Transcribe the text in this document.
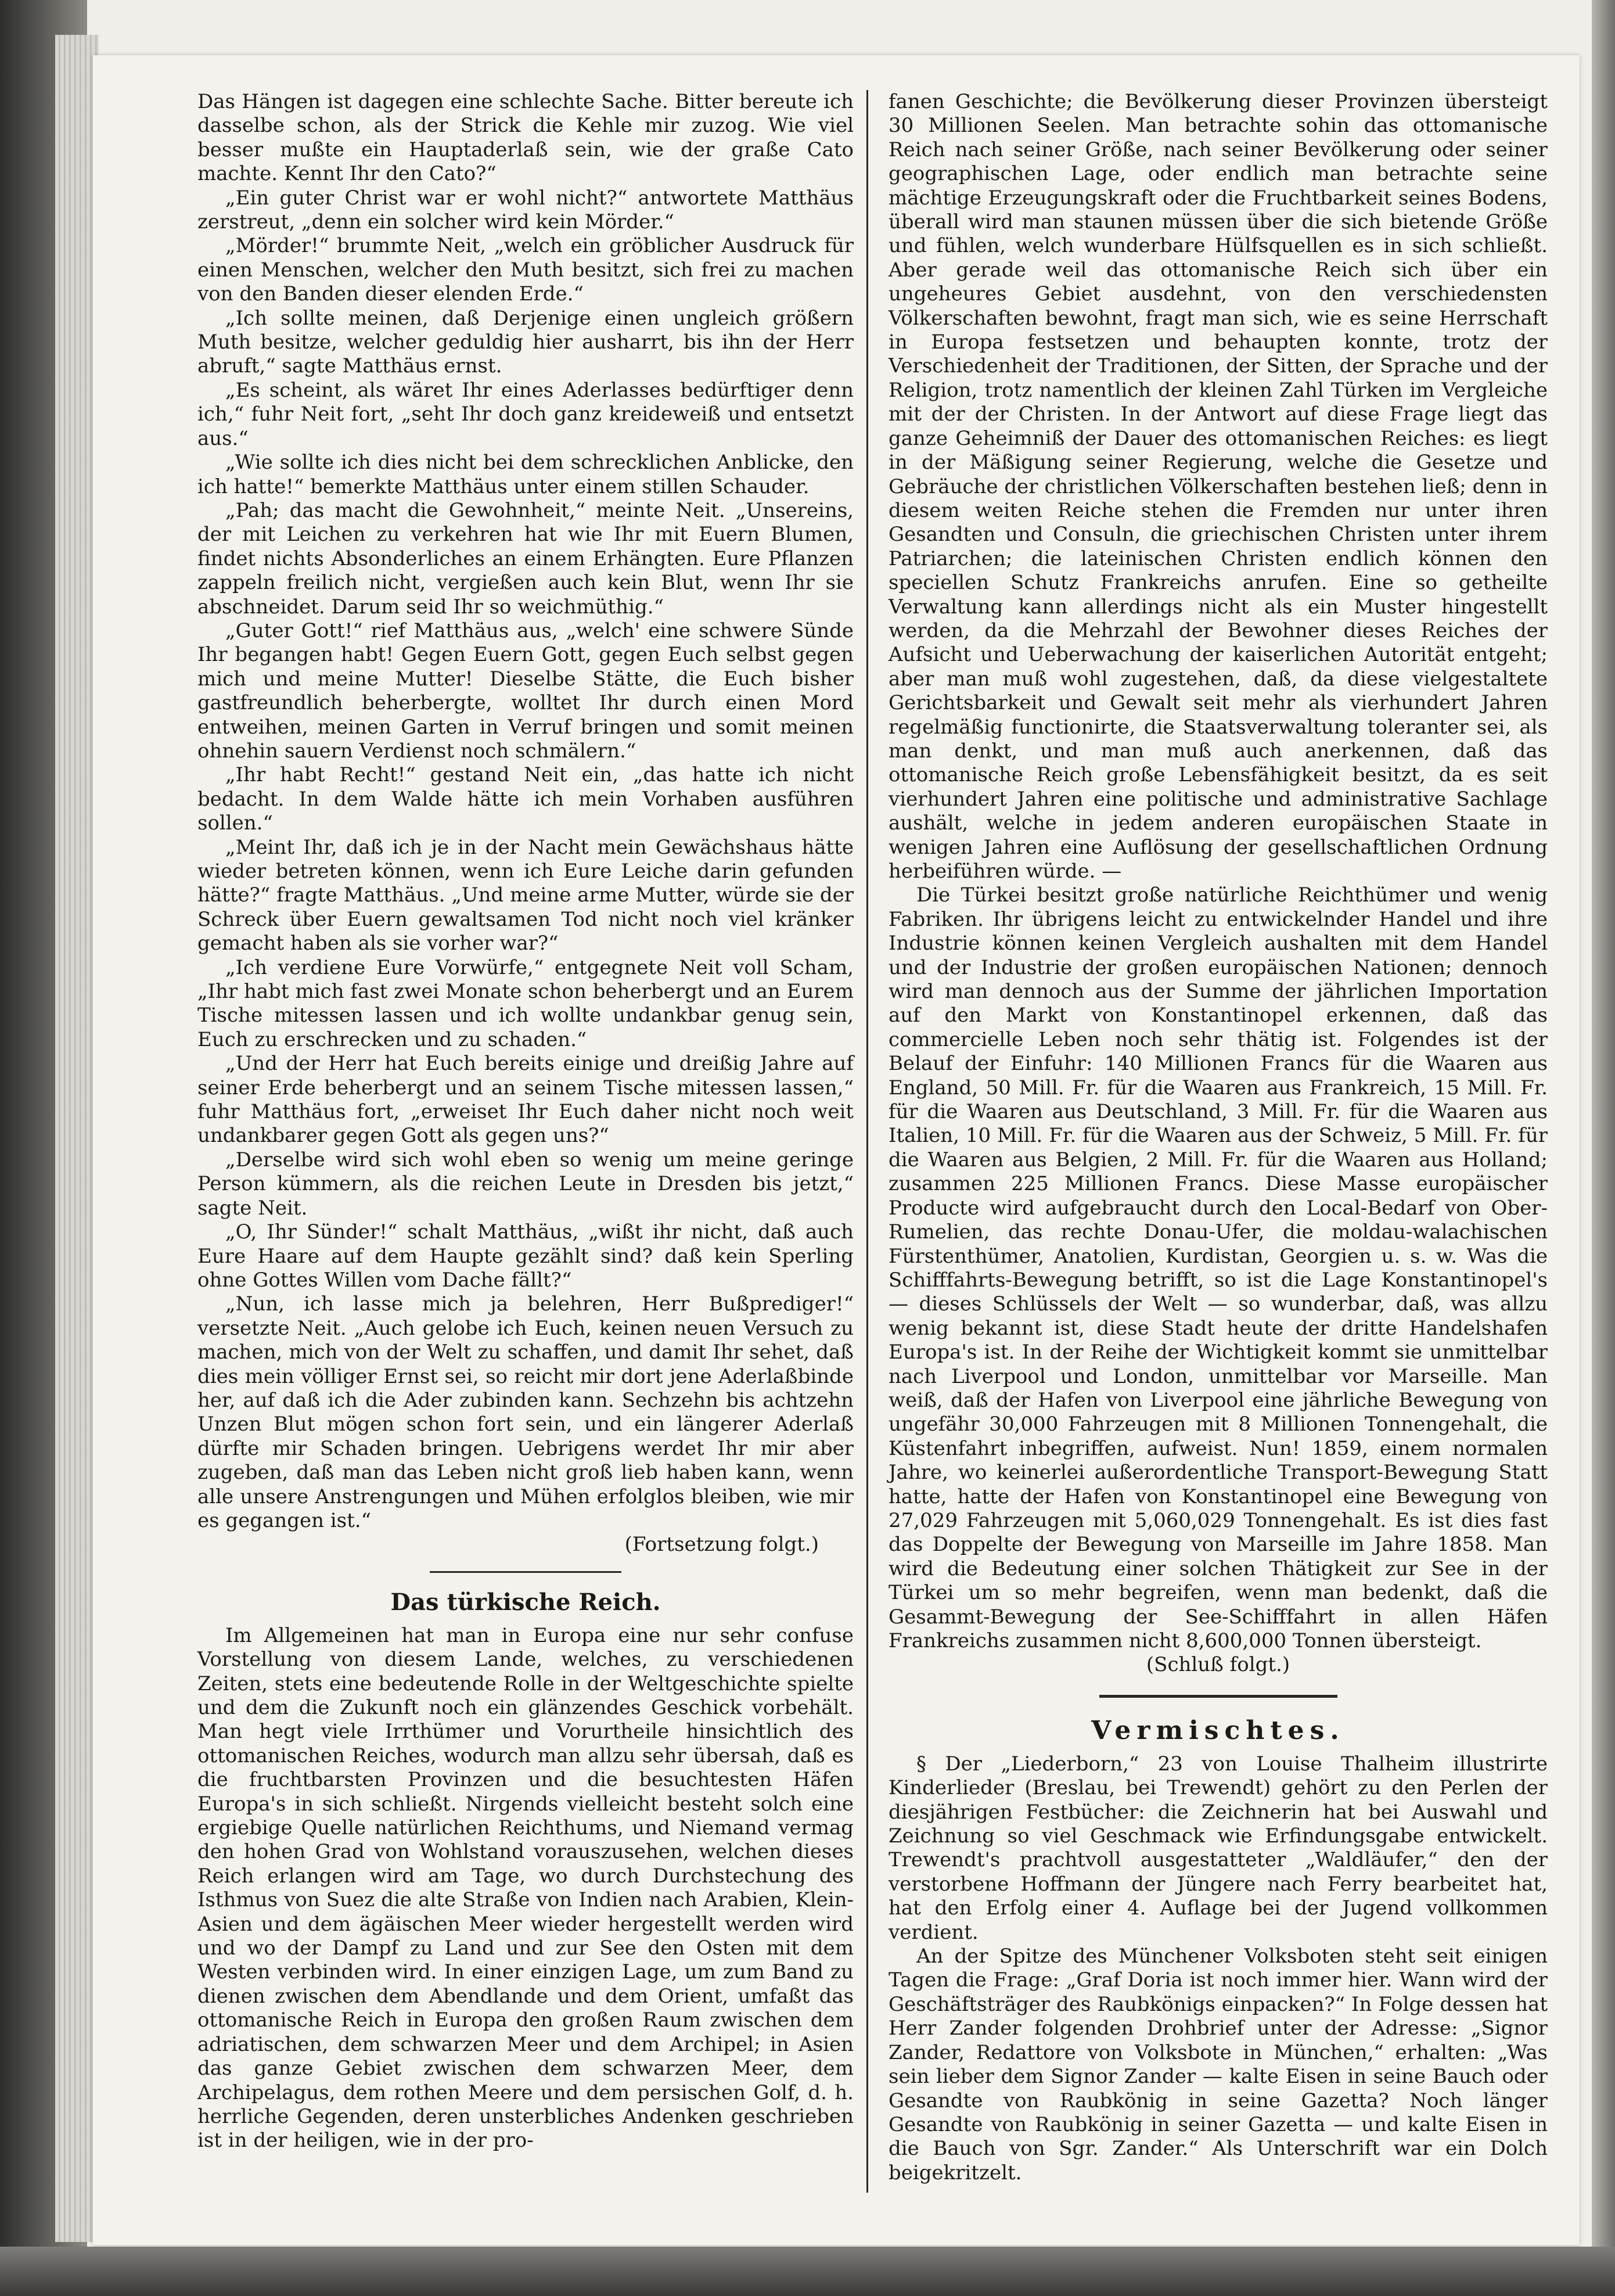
Das Hängen ist dagegen eine schlechte Sache. Bitter bereute ich dasselbe schon, als der Strick die Kehle mir zuzog. Wie viel besser mußte ein Hauptaderlaß sein, wie der graße Cato machte. Kennt Ihr den Cato?“

„Ein guter Christ war er wohl nicht?“ antwortete Matthäus zerstreut, „denn ein solcher wird kein Mörder.“

„Mörder!“ brummte Neit, „welch ein gröblicher Ausdruck für einen Menschen, welcher den Muth besitzt, sich frei zu machen von den Banden dieser elenden Erde.“

„Ich sollte meinen, daß Derjenige einen ungleich größern Muth besitze, welcher geduldig hier ausharrt, bis ihn der Herr abruft,“ sagte Matthäus ernst.

„Es scheint, als wäret Ihr eines Aderlasses bedürftiger denn ich,“ fuhr Neit fort, „seht Ihr doch ganz kreideweiß und entsetzt aus.“

„Wie sollte ich dies nicht bei dem schrecklichen Anblicke, den ich hatte!“ bemerkte Matthäus unter einem stillen Schauder.

„Pah; das macht die Gewohnheit,“ meinte Neit. „Unsereins, der mit Leichen zu verkehren hat wie Ihr mit Euern Blumen, findet nichts Absonderliches an einem Erhängten. Eure Pflanzen zappeln freilich nicht, vergießen auch kein Blut, wenn Ihr sie abschneidet. Darum seid Ihr so weichmüthig.“

„Guter Gott!“ rief Matthäus aus, „welch' eine schwere Sünde Ihr begangen habt! Gegen Euern Gott, gegen Euch selbst gegen mich und meine Mutter! Dieselbe Stätte, die Euch bisher gastfreundlich beherbergte, wolltet Ihr durch einen Mord entweihen, meinen Garten in Verruf bringen und somit meinen ohnehin sauern Verdienst noch schmälern.“

„Ihr habt Recht!“ gestand Neit ein, „das hatte ich nicht bedacht. In dem Walde hätte ich mein Vorhaben ausführen sollen.“

„Meint Ihr, daß ich je in der Nacht mein Gewächshaus hätte wieder betreten können, wenn ich Eure Leiche darin gefunden hätte?“ fragte Matthäus. „Und meine arme Mutter, würde sie der Schreck über Euern gewaltsamen Tod nicht noch viel kränker gemacht haben als sie vorher war?“

„Ich verdiene Eure Vorwürfe,“ entgegnete Neit voll Scham, „Ihr habt mich fast zwei Monate schon beherbergt und an Eurem Tische mitessen lassen und ich wollte undankbar genug sein, Euch zu erschrecken und zu schaden.“

„Und der Herr hat Euch bereits einige und dreißig Jahre auf seiner Erde beherbergt und an seinem Tische mitessen lassen,“ fuhr Matthäus fort, „erweiset Ihr Euch daher nicht noch weit undankbarer gegen Gott als gegen uns?“

„Derselbe wird sich wohl eben so wenig um meine geringe Person kümmern, als die reichen Leute in Dresden bis jetzt,“ sagte Neit.

„O, Ihr Sünder!“ schalt Matthäus, „wißt ihr nicht, daß auch Eure Haare auf dem Haupte gezählt sind? daß kein Sperling ohne Gottes Willen vom Dache fällt?“

„Nun, ich lasse mich ja belehren, Herr Bußprediger!“ versetzte Neit. „Auch gelobe ich Euch, keinen neuen Versuch zu machen, mich von der Welt zu schaffen, und damit Ihr sehet, daß dies mein völliger Ernst sei, so reicht mir dort jene Aderlaßbinde her, auf daß ich die Ader zubinden kann. Sechzehn bis achtzehn Unzen Blut mögen schon fort sein, und ein längerer Aderlaß dürfte mir Schaden bringen. Uebrigens werdet Ihr mir aber zugeben, daß man das Leben nicht groß lieb haben kann, wenn alle unsere Anstrengungen und Mühen erfolglos bleiben, wie mir es gegangen ist.“

(Fortsetzung folgt.)

Das türkische Reich.

Im Allgemeinen hat man in Europa eine nur sehr confuse Vorstellung von diesem Lande, welches, zu verschiedenen Zeiten, stets eine bedeutende Rolle in der Weltgeschichte spielte und dem die Zukunft noch ein glänzendes Geschick vorbehält. Man hegt viele Irrthümer und Vorurtheile hinsichtlich des ottomanischen Reiches, wodurch man allzu sehr übersah, daß es die fruchtbarsten Provinzen und die besuchtesten Häfen Europa's in sich schließt. Nirgends vielleicht besteht solch eine ergiebige Quelle natürlichen Reichthums, und Niemand vermag den hohen Grad von Wohlstand vorauszusehen, welchen dieses Reich erlangen wird am Tage, wo durch Durchstechung des Isthmus von Suez die alte Straße von Indien nach Arabien, Klein-Asien und dem ägäischen Meer wieder hergestellt werden wird und wo der Dampf zu Land und zur See den Osten mit dem Westen verbinden wird. In einer einzigen Lage, um zum Band zu dienen zwischen dem Abendlande und dem Orient, umfaßt das ottomanische Reich in Europa den großen Raum zwischen dem adriatischen, dem schwarzen Meer und dem Archipel; in Asien das ganze Gebiet zwischen dem schwarzen Meer, dem Archipelagus, dem rothen Meere und dem persischen Golf, d. h. herrliche Gegenden, deren unsterbliches Andenken geschrieben ist in der heiligen, wie in der pro-

fanen Geschichte; die Bevölkerung dieser Provinzen übersteigt 30 Millionen Seelen. Man betrachte sohin das ottomanische Reich nach seiner Größe, nach seiner Bevölkerung oder seiner geographischen Lage, oder endlich man betrachte seine mächtige Erzeugungskraft oder die Fruchtbarkeit seines Bodens, überall wird man staunen müssen über die sich bietende Größe und fühlen, welch wunderbare Hülfsquellen es in sich schließt. Aber gerade weil das ottomanische Reich sich über ein ungeheures Gebiet ausdehnt, von den verschiedensten Völkerschaften bewohnt, fragt man sich, wie es seine Herrschaft in Europa festsetzen und behaupten konnte, trotz der Verschiedenheit der Traditionen, der Sitten, der Sprache und der Religion, trotz namentlich der kleinen Zahl Türken im Vergleiche mit der der Christen. In der Antwort auf diese Frage liegt das ganze Geheimniß der Dauer des ottomanischen Reiches: es liegt in der Mäßigung seiner Regierung, welche die Gesetze und Gebräuche der christlichen Völkerschaften bestehen ließ; denn in diesem weiten Reiche stehen die Fremden nur unter ihren Gesandten und Consuln, die griechischen Christen unter ihrem Patriarchen; die lateinischen Christen endlich können den speciellen Schutz Frankreichs anrufen. Eine so getheilte Verwaltung kann allerdings nicht als ein Muster hingestellt werden, da die Mehrzahl der Bewohner dieses Reiches der Aufsicht und Ueberwachung der kaiserlichen Autorität entgeht; aber man muß wohl zugestehen, daß, da diese vielgestaltete Gerichtsbarkeit und Gewalt seit mehr als vierhundert Jahren regelmäßig functionirte, die Staatsverwaltung toleranter sei, als man denkt, und man muß auch anerkennen, daß das ottomanische Reich große Lebensfähigkeit besitzt, da es seit vierhundert Jahren eine politische und administrative Sachlage aushält, welche in jedem anderen europäischen Staate in wenigen Jahren eine Auflösung der gesellschaftlichen Ordnung herbeiführen würde. —

Die Türkei besitzt große natürliche Reichthümer und wenig Fabriken. Ihr übrigens leicht zu entwickelnder Handel und ihre Industrie können keinen Vergleich aushalten mit dem Handel und der Industrie der großen europäischen Nationen; dennoch wird man dennoch aus der Summe der jährlichen Importation auf den Markt von Konstantinopel erkennen, daß das commercielle Leben noch sehr thätig ist. Folgendes ist der Belauf der Einfuhr: 140 Millionen Francs für die Waaren aus England, 50 Mill. Fr. für die Waaren aus Frankreich, 15 Mill. Fr. für die Waaren aus Deutschland, 3 Mill. Fr. für die Waaren aus Italien, 10 Mill. Fr. für die Waaren aus der Schweiz, 5 Mill. Fr. für die Waaren aus Belgien, 2 Mill. Fr. für die Waaren aus Holland; zusammen 225 Millionen Francs. Diese Masse europäischer Producte wird aufgebraucht durch den Local-Bedarf von Ober-Rumelien, das rechte Donau-Ufer, die moldau-walachischen Fürstenthümer, Anatolien, Kurdistan, Georgien u. s. w. Was die Schifffahrts-Bewegung betrifft, so ist die Lage Konstantinopel's — dieses Schlüssels der Welt — so wunderbar, daß, was allzu wenig bekannt ist, diese Stadt heute der dritte Handelshafen Europa's ist. In der Reihe der Wichtigkeit kommt sie unmittelbar nach Liverpool und London, unmittelbar vor Marseille. Man weiß, daß der Hafen von Liverpool eine jährliche Bewegung von ungefähr 30,000 Fahrzeugen mit 8 Millionen Tonnengehalt, die Küstenfahrt inbegriffen, aufweist. Nun! 1859, einem normalen Jahre, wo keinerlei außerordentliche Transport-Bewegung Statt hatte, hatte der Hafen von Konstantinopel eine Bewegung von 27,029 Fahrzeugen mit 5,060,029 Tonnengehalt. Es ist dies fast das Doppelte der Bewegung von Marseille im Jahre 1858. Man wird die Bedeutung einer solchen Thätigkeit zur See in der Türkei um so mehr begreifen, wenn man bedenkt, daß die Gesammt-Bewegung der See-Schifffahrt in allen Häfen Frankreichs zusammen nicht 8,600,000 Tonnen übersteigt.

(Schluß folgt.)

Vermischtes.

§ Der „Liederborn,“ 23 von Louise Thalheim illustrirte Kinderlieder (Breslau, bei Trewendt) gehört zu den Perlen der diesjährigen Festbücher: die Zeichnerin hat bei Auswahl und Zeichnung so viel Geschmack wie Erfindungsgabe entwickelt. Trewendt's prachtvoll ausgestatteter „Waldläufer,“ den der verstorbene Hoffmann der Jüngere nach Ferry bearbeitet hat, hat den Erfolg einer 4. Auflage bei der Jugend vollkommen verdient.

An der Spitze des Münchener Volksboten steht seit einigen Tagen die Frage: „Graf Doria ist noch immer hier. Wann wird der Geschäftsträger des Raubkönigs einpacken?“ In Folge dessen hat Herr Zander folgenden Drohbrief unter der Adresse: „Signor Zander, Redattore von Volksbote in München,“ erhalten: „Was sein lieber dem Signor Zander — kalte Eisen in seine Bauch oder Gesandte von Raubkönig in seine Gazetta? Noch länger Gesandte von Raubkönig in seiner Gazetta — und kalte Eisen in die Bauch von Sgr. Zander.“ Als Unterschrift war ein Dolch beigekritzelt.
